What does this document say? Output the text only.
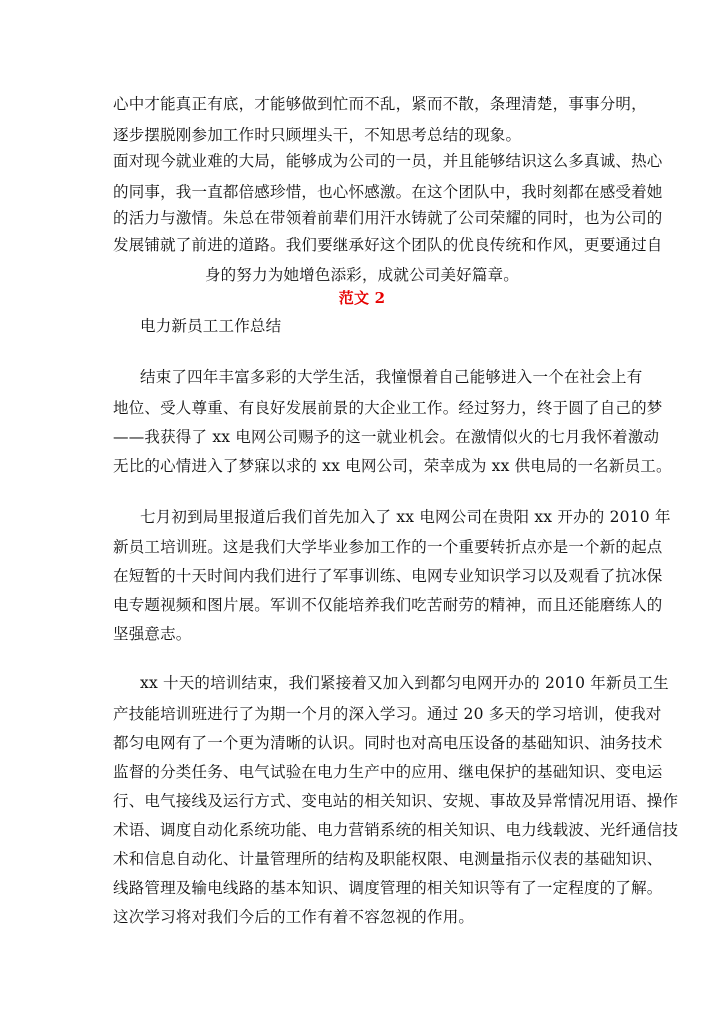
心中才能真正有底，才能够做到忙而不乱，紧而不散，条理清楚，事事分明，
逐步摆脱刚参加工作时只顾埋头干，不知思考总结的现象。
面对现今就业难的大局，能够成为公司的一员，并且能够结识这么多真诚、热心
的同事，我一直都倍感珍惜，也心怀感激。在这个团队中，我时刻都在感受着她
的活力与激情。朱总在带领着前辈们用汗水铸就了公司荣耀的同时，也为公司的
发展铺就了前进的道路。我们要继承好这个团队的优良传统和作风，更要通过自
身的努力为她增色添彩，成就公司美好篇章。
范文 2
电力新员工工作总结
结束了四年丰富多彩的大学生活，我憧憬着自己能够进入一个在社会上有
地位、受人尊重、有良好发展前景的大企业工作。经过努力，终于圆了自己的梦
——我获得了 xx 电网公司赐予的这一就业机会。在激情似火的七月我怀着激动
无比的心情进入了梦寐以求的 xx 电网公司，荣幸成为 xx 供电局的一名新员工。
七月初到局里报道后我们首先加入了 xx 电网公司在贵阳 xx 开办的 2010 年
新员工培训班。这是我们大学毕业参加工作的一个重要转折点亦是一个新的起点
在短暂的十天时间内我们进行了军事训练、电网专业知识学习以及观看了抗冰保
电专题视频和图片展。军训不仅能培养我们吃苦耐劳的精神，而且还能磨练人的
坚强意志。
xx 十天的培训结束，我们紧接着又加入到都匀电网开办的 2010 年新员工生
产技能培训班进行了为期一个月的深入学习。通过 20 多天的学习培训，使我对
都匀电网有了一个更为清晰的认识。同时也对高电压设备的基础知识、油务技术
监督的分类任务、电气试验在电力生产中的应用、继电保护的基础知识、变电运
行、电气接线及运行方式、变电站的相关知识、安规、事故及异常情况用语、操作
术语、调度自动化系统功能、电力营销系统的相关知识、电力线载波、光纤通信技
术和信息自动化、计量管理所的结构及职能权限、电测量指示仪表的基础知识、
线路管理及输电线路的基本知识、调度管理的相关知识等有了一定程度的了解。
这次学习将对我们今后的工作有着不容忽视的作用。
